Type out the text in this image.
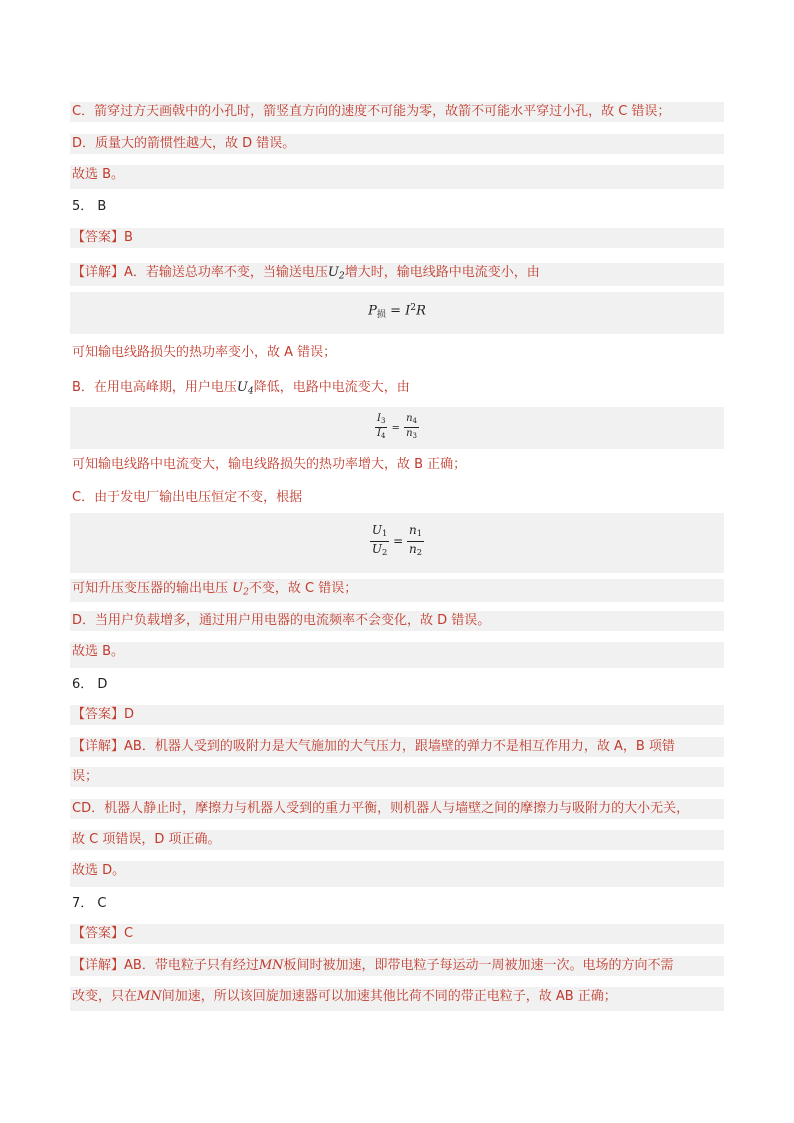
C．箭穿过方天画戟中的小孔时，箭竖直方向的速度不可能为零，故箭不可能水平穿过小孔，故 C 错误；
D．质量大的箭惯性越大，故 D 错误。
故选 B。
5． B
【答案】B
【详解】A．若输送总功率不变，当输送电压$U_2$增大时，输电线路中电流变小，由
$P_损 = I^2R$
可知输电线路损失的热功率变小，故 A 错误；
B．在用电高峰期，用户电压$U_4$降低，电路中电流变大，由
$\frac{I_3}{I_4} = \frac{n_4}{n_3}$
可知输电线路中电流变大，输电线路损失的热功率增大，故 B 正确；
C．由于发电厂输出电压恒定不变，根据
$\frac{U_1}{U_2} = \frac{n_1}{n_2}$
可知升压变压器的输出电压 $U_2$不变，故 C 错误；
D．当用户负载增多，通过用户用电器的电流频率不会变化，故 D 错误。
故选 B。
6． D
【答案】D
【详解】AB．机器人受到的吸附力是大气施加的大气压力，跟墙壁的弹力不是相互作用力，故 A，B 项错
误；
CD．机器人静止时，摩擦力与机器人受到的重力平衡，则机器人与墙壁之间的摩擦力与吸附力的大小无关，
故 C 项错误，D 项正确。
故选 D。
7． C
【答案】C
【详解】AB．带电粒子只有经过MN板间时被加速，即带电粒子每运动一周被加速一次。电场的方向不需
改变，只在MN间加速，所以该回旋加速器可以加速其他比荷不同的带正电粒子，故 AB 正确；
